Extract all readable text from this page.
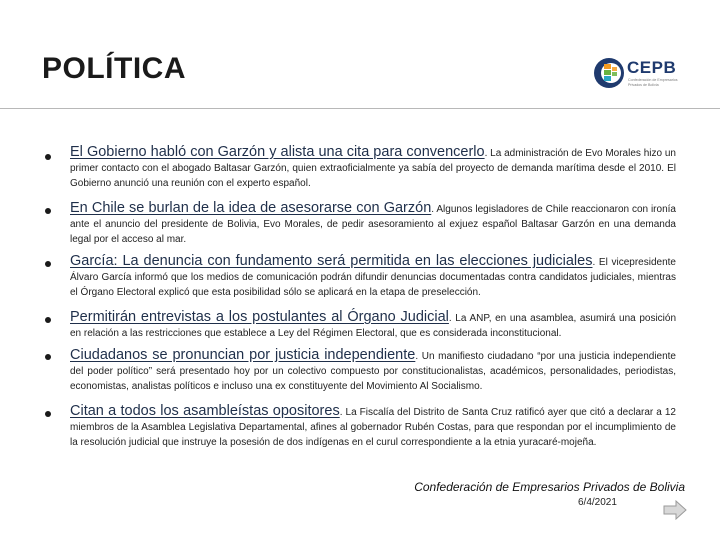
POLÍTICA	CEPB
Confederación de Empresarios Privados de Bolivia
El Gobierno habló con Garzón y alista una cita para convencerlo. La administración de Evo Morales hizo un primer contacto con el abogado Baltasar Garzón, quien extraoficialmente ya sabía del proyecto de demanda marítima desde el 2010. El Gobierno anunció una reunión con el experto español.
En Chile se burlan de la idea de asesorarse con Garzón. Algunos legisladores de Chile reaccionaron con ironía ante el anuncio del presidente de Bolivia, Evo Morales, de pedir asesoramiento al exjuez español Baltasar Garzón en una demanda legal por el acceso al mar.
García: La denuncia con fundamento será permitida en las elecciones judiciales. El vicepresidente Álvaro García informó que los medios de comunicación podrán difundir denuncias documentadas contra candidatos judiciales, mientras el Órgano Electoral explicó que esta posibilidad sólo se aplicará en la etapa de preselección.
Permitirán entrevistas a los postulantes al Órgano Judicial. La ANP, en una asamblea, asumirá una posición en relación a las restricciones que establece a Ley del Régimen Electoral, que es considerada inconstitucional.
Ciudadanos se pronuncian por justicia independiente. Un manifiesto ciudadano “por una justicia independiente del poder político” será presentado hoy por un colectivo compuesto por constitucionalistas, académicos, personalidades, periodistas, economistas, analistas políticos e incluso una ex constituyente del Movimiento Al Socialismo.
Citan a todos los asambleístas opositores. La Fiscalía del Distrito de Santa Cruz ratificó ayer que citó a declarar a 12 miembros de la Asamblea Legislativa Departamental, afines al gobernador Rubén Costas, para que respondan por el incumplimiento de la resolución judicial que instruye la posesión de dos indígenas en el curul correspondiente a la etnia yuracaré-mojeña.
Confederación de Empresarios Privados de Bolivia
6/4/2021
